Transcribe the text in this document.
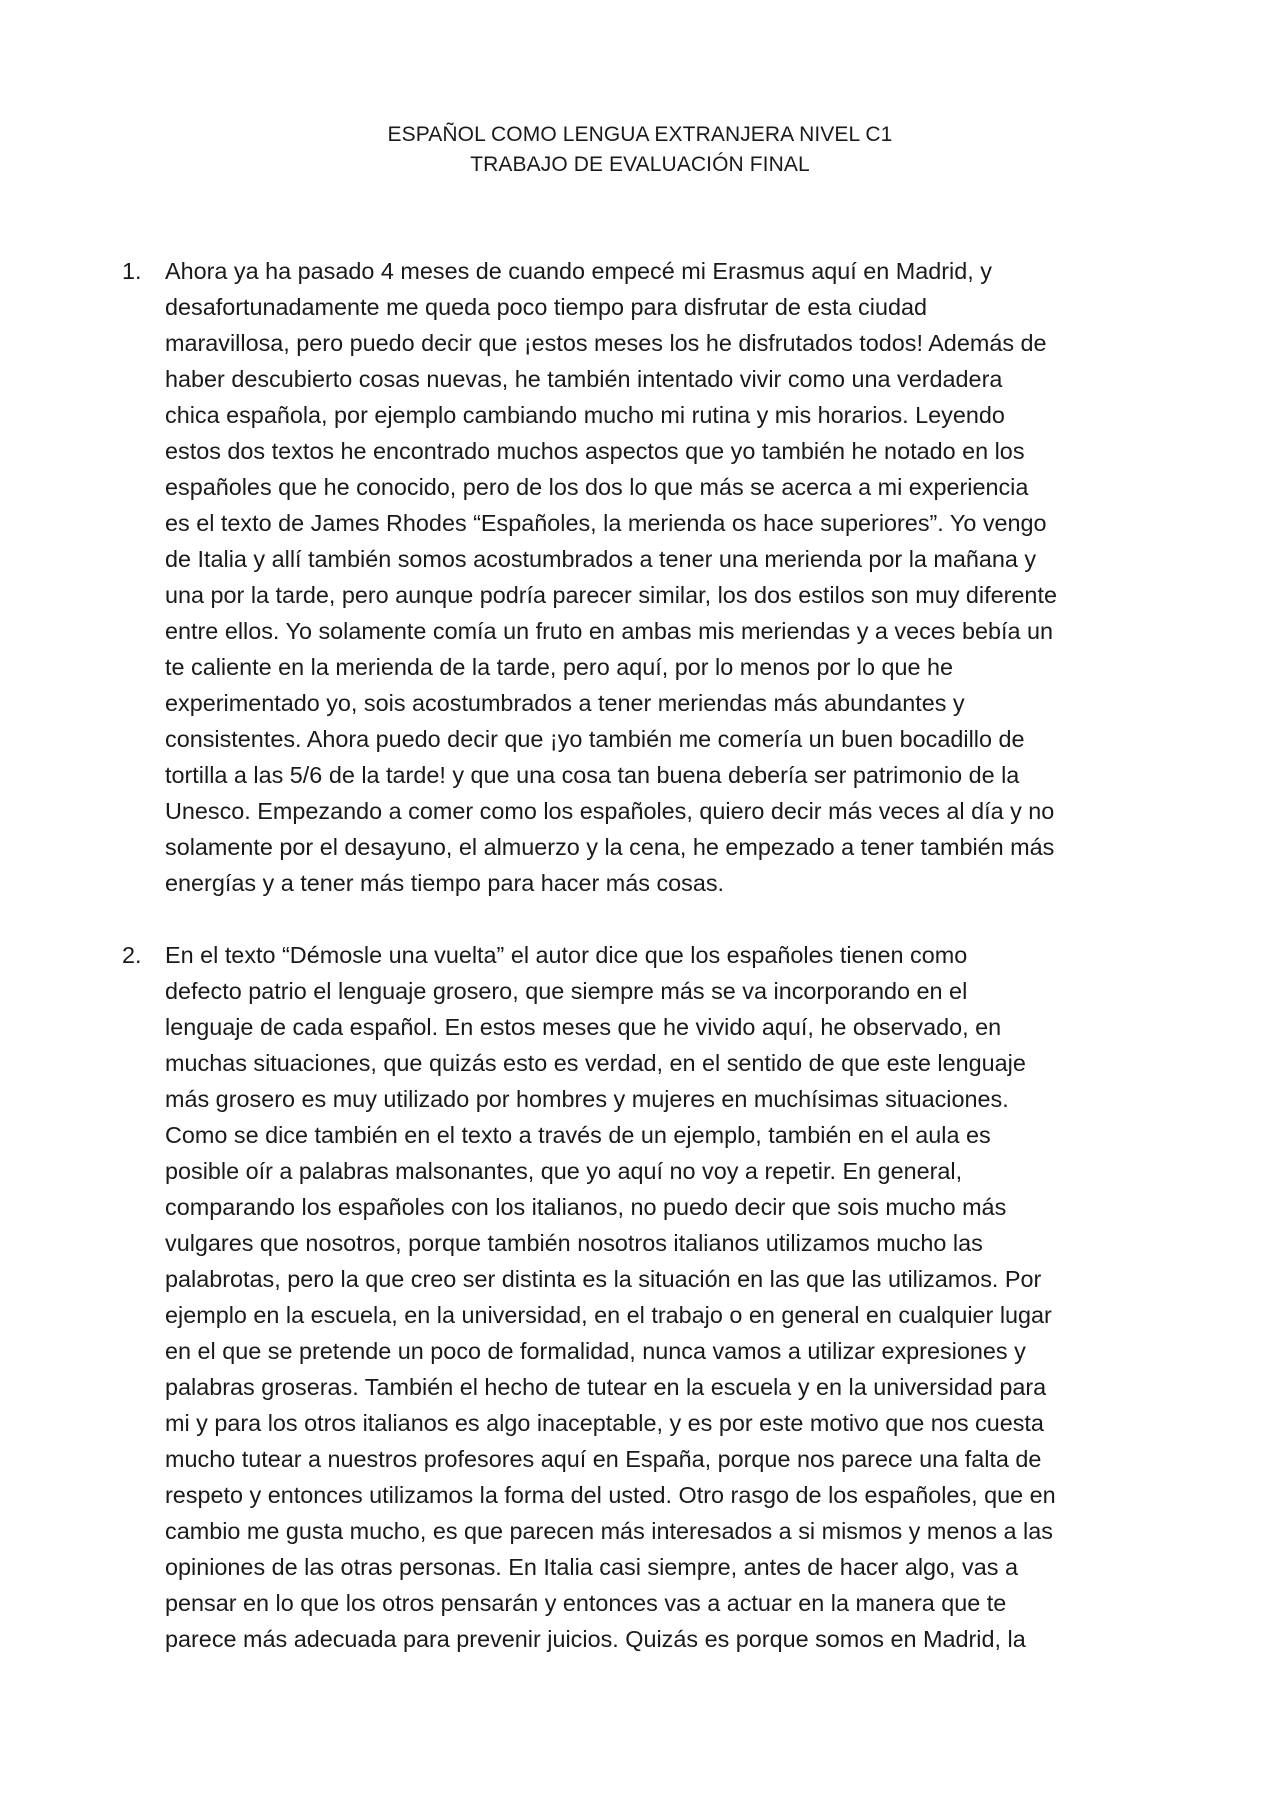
ESPAÑOL COMO LENGUA EXTRANJERA NIVEL C1
TRABAJO DE EVALUACIÓN FINAL
1. Ahora ya ha pasado 4 meses de cuando empecé mi Erasmus aquí en Madrid, y
desafortunadamente me queda poco tiempo para disfrutar de esta ciudad
maravillosa, pero puedo decir que ¡estos meses los he disfrutados todos! Además de
haber descubierto cosas nuevas, he también intentado vivir como una verdadera
chica española, por ejemplo cambiando mucho mi rutina y mis horarios. Leyendo
estos dos textos he encontrado muchos aspectos que yo también he notado en los
españoles que he conocido, pero de los dos lo que más se acerca a mi experiencia
es el texto de James Rhodes “Españoles, la merienda os hace superiores”. Yo vengo
de Italia y allí también somos acostumbrados a tener una merienda por la mañana y
una por la tarde, pero aunque podría parecer similar, los dos estilos son muy diferente
entre ellos. Yo solamente comía un fruto en ambas mis meriendas y a veces bebía un
te caliente en la merienda de la tarde, pero aquí, por lo menos por lo que he
experimentado yo, sois acostumbrados a tener meriendas más abundantes y
consistentes. Ahora puedo decir que ¡yo también me comería un buen bocadillo de
tortilla a las 5/6 de la tarde! y que una cosa tan buena debería ser patrimonio de la
Unesco. Empezando a comer como los españoles, quiero decir más veces al día y no
solamente por el desayuno, el almuerzo y la cena, he empezado a tener también más
energías y a tener más tiempo para hacer más cosas.
2. En el texto “Démosle una vuelta” el autor dice que los españoles tienen como
defecto patrio el lenguaje grosero, que siempre más se va incorporando en el
lenguaje de cada español. En estos meses que he vivido aquí, he observado, en
muchas situaciones, que quizás esto es verdad, en el sentido de que este lenguaje
más grosero es muy utilizado por hombres y mujeres en muchísimas situaciones.
Como se dice también en el texto a través de un ejemplo, también en el aula es
posible oír a palabras malsonantes, que yo aquí no voy a repetir. En general,
comparando los españoles con los italianos, no puedo decir que sois mucho más
vulgares que nosotros, porque también nosotros italianos utilizamos mucho las
palabrotas, pero la que creo ser distinta es la situación en las que las utilizamos. Por
ejemplo en la escuela, en la universidad, en el trabajo o en general en cualquier lugar
en el que se pretende un poco de formalidad, nunca vamos a utilizar expresiones y
palabras groseras. También el hecho de tutear en la escuela y en la universidad para
mi y para los otros italianos es algo inaceptable, y es por este motivo que nos cuesta
mucho tutear a nuestros profesores aquí en España, porque nos parece una falta de
respeto y entonces utilizamos la forma del usted. Otro rasgo de los españoles, que en
cambio me gusta mucho, es que parecen más interesados a si mismos y menos a las
opiniones de las otras personas. En Italia casi siempre, antes de hacer algo, vas a
pensar en lo que los otros pensarán y entonces vas a actuar en la manera que te
parece más adecuada para prevenir juicios. Quizás es porque somos en Madrid, la
